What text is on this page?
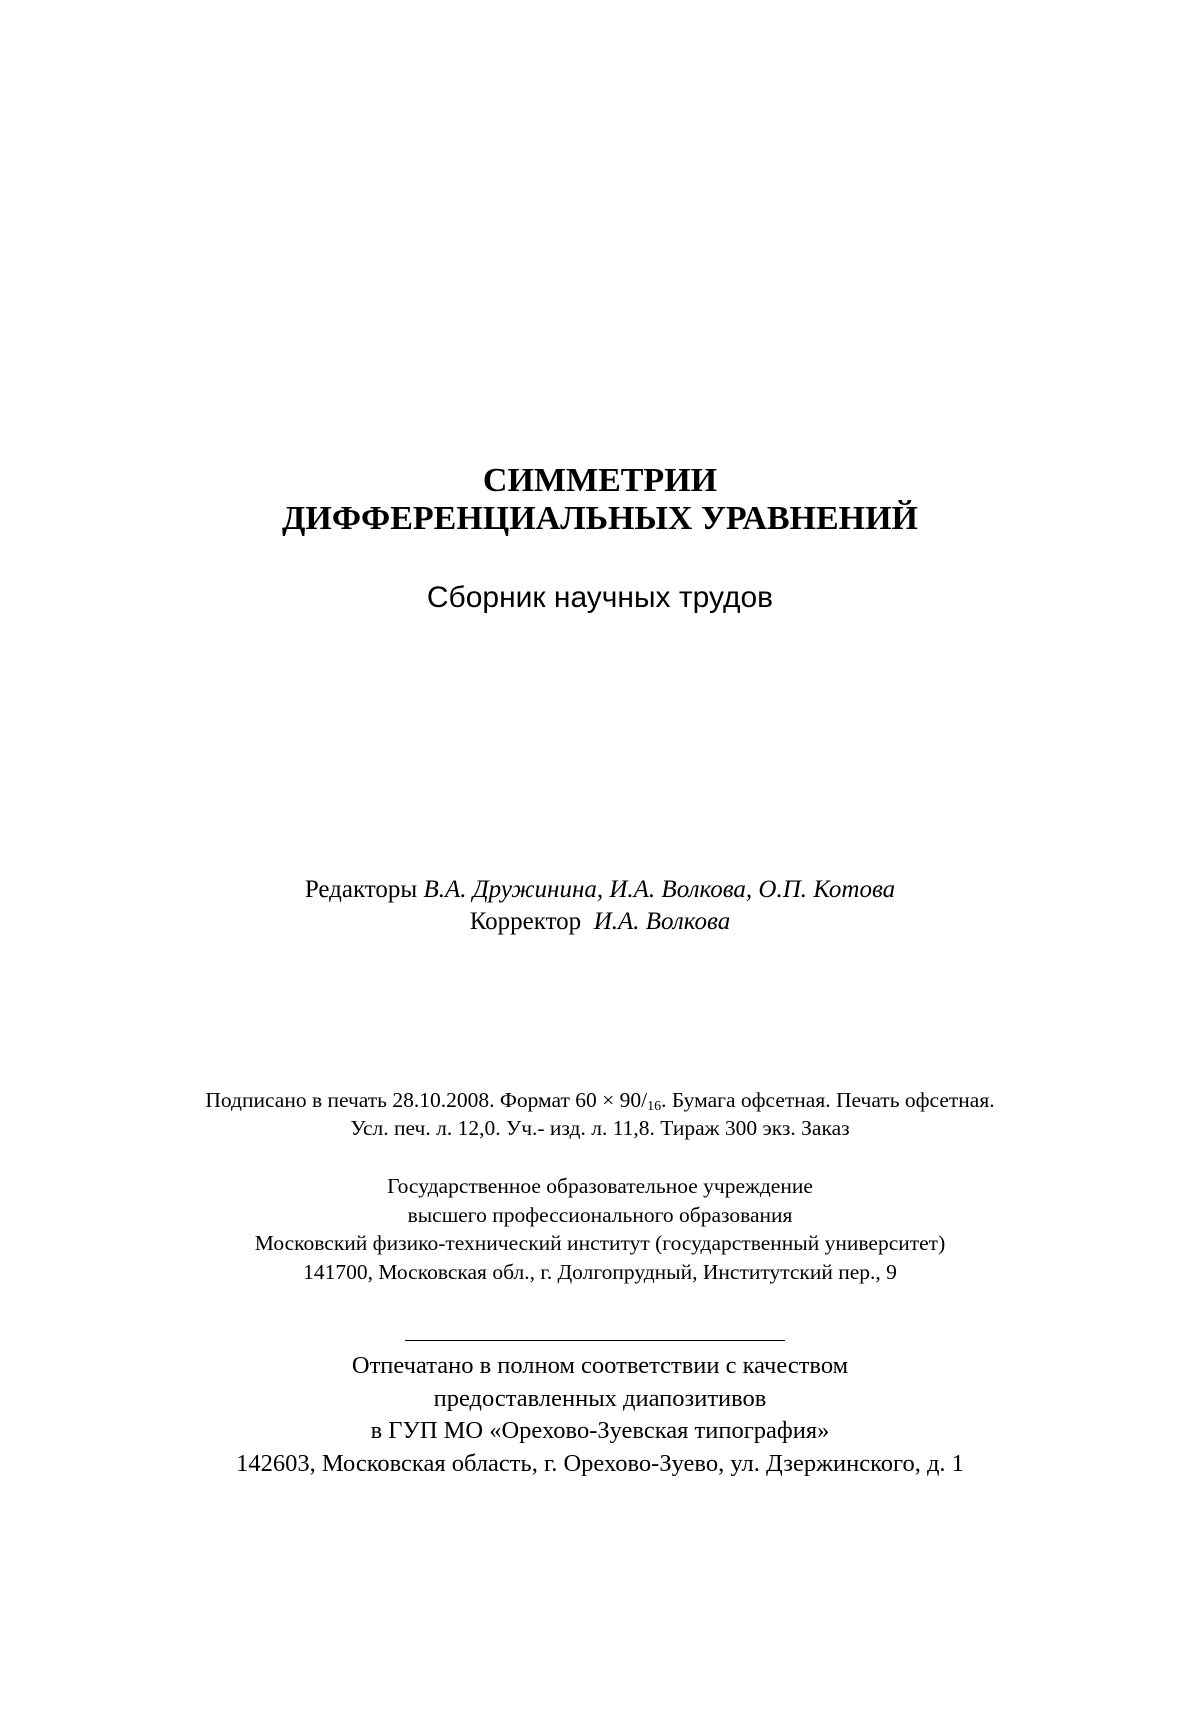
СИММЕТРИИ
ДИФФЕРЕНЦИАЛЬНЫХ УРАВНЕНИЙ
Сборник научных трудов
Редакторы В.А. Дружинина, И.А. Волкова, О.П. Котова
Корректор И.А. Волкова
Подписано в печать 28.10.2008. Формат $60 \times 90/_{16}$. Бумага офсетная. Печать офсетная.
Усл. печ. л. 12,0. Уч.- изд. л. 11,8. Тираж 300 экз. Заказ
Государственное образовательное учреждение
высшего профессионального образования
Московский физико-технический институт (государственный университет)
141700, Московская обл., г. Долгопрудный, Институтский пер., 9
Отпечатано в полном соответствии с качеством
предоставленных диапозитивов
в ГУП МО «Орехово-Зуевская типография»
142603, Московская область, г. Орехово-Зуево, ул. Дзержинского, д. 1
